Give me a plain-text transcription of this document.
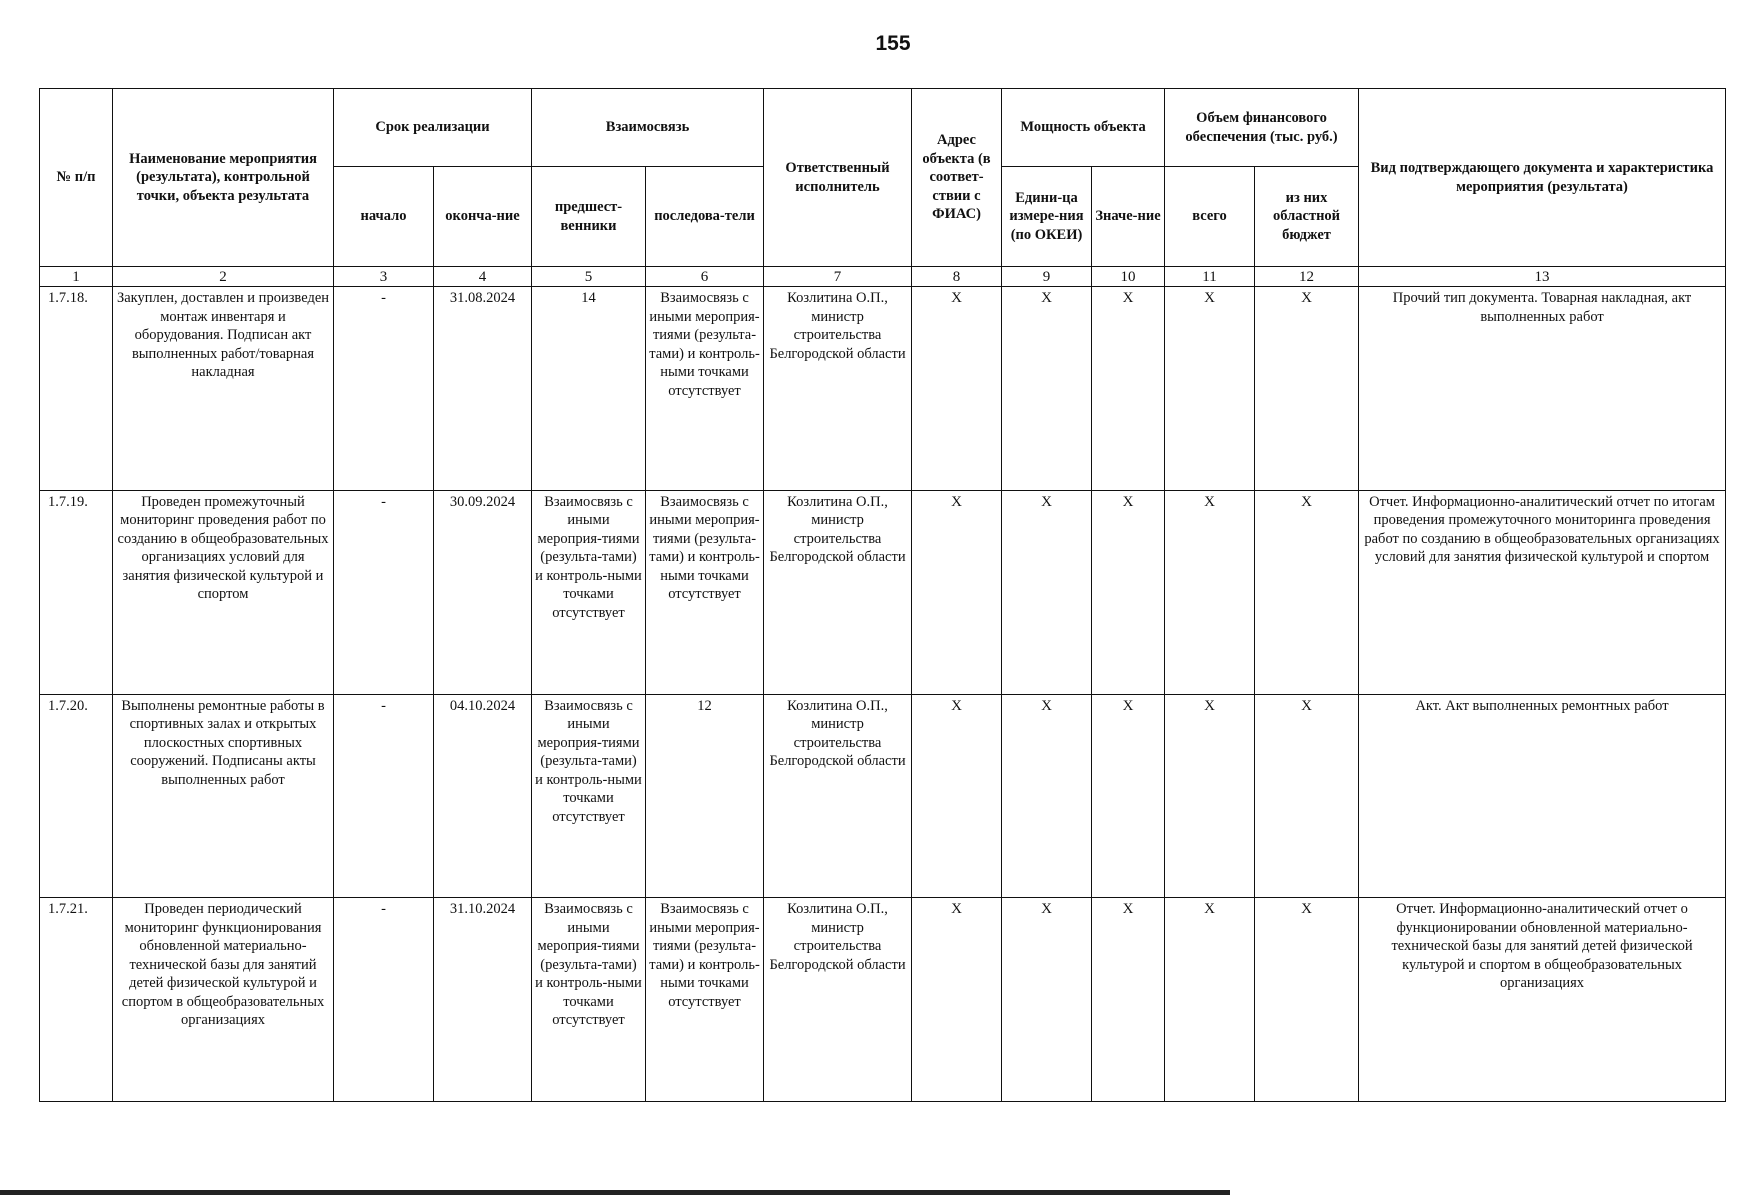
155
№ п/п	Наименование мероприятия (результата), контрольной точки, объекта результата	Срок реализации		Взаимосвязь		Ответственный исполнитель	Адрес объекта (в соответ-ствии с ФИАС)	Мощность объекта		Объем финансового обеспечения (тыс. руб.)		Вид подтверждающего документа и характеристика мероприятия (результата)
		начало	оконча-ние	предшест-венники	последова-тели			Едини-ца измере-ния (по ОКЕИ)	Значе-ние	всего	из них областной бюджет	
1	2	3	4	5	6	7	8	9	10	11	12	13
1.7.18.	Закуплен, доставлен и произведен монтаж инвентаря и оборудования. Подписан акт выполненных работ/товарная накладная	-	31.08.2024	14	Взаимосвязь с иными мероприя-тиями (результа-тами) и контроль-ными точками отсутствует	Козлитина О.П., министр строительства Белгородской области	X	X	X	X	X	Прочий тип документа. Товарная накладная, акт выполненных работ
1.7.19.	Проведен промежуточный мониторинг проведения работ по созданию в общеобразовательных организациях условий для занятия физической культурой и спортом	-	30.09.2024	Взаимосвязь с иными мероприя-тиями (результа-тами) и контроль-ными точками отсутствует	Взаимосвязь с иными мероприя-тиями (результа-тами) и контроль-ными точками отсутствует	Козлитина О.П., министр строительства Белгородской области	X	X	X	X	X	Отчет. Информационно-аналитический отчет по итогам проведения промежуточного мониторинга проведения работ по созданию в общеобразовательных организациях условий для занятия физической культурой и спортом
1.7.20.	Выполнены ремонтные работы в спортивных залах и открытых плоскостных спортивных сооружений. Подписаны акты выполненных работ	-	04.10.2024	Взаимосвязь с иными мероприя-тиями (результа-тами) и контроль-ными точками отсутствует	12	Козлитина О.П., министр строительства Белгородской области	X	X	X	X	X	Акт. Акт выполненных ремонтных работ
1.7.21.	Проведен периодический мониторинг функционирования обновленной материально-технической базы для занятий детей физической культурой и спортом в общеобразовательных организациях	-	31.10.2024	Взаимосвязь с иными мероприя-тиями (результа-тами) и контроль-ными точками отсутствует	Взаимосвязь с иными мероприя-тиями (результа-тами) и контроль-ными точками отсутствует	Козлитина О.П., министр строительства Белгородской области	X	X	X	X	X	Отчет. Информационно-аналитический отчет о функционировании обновленной материально-технической базы для занятий детей физической культурой и спортом в общеобразовательных организациях
